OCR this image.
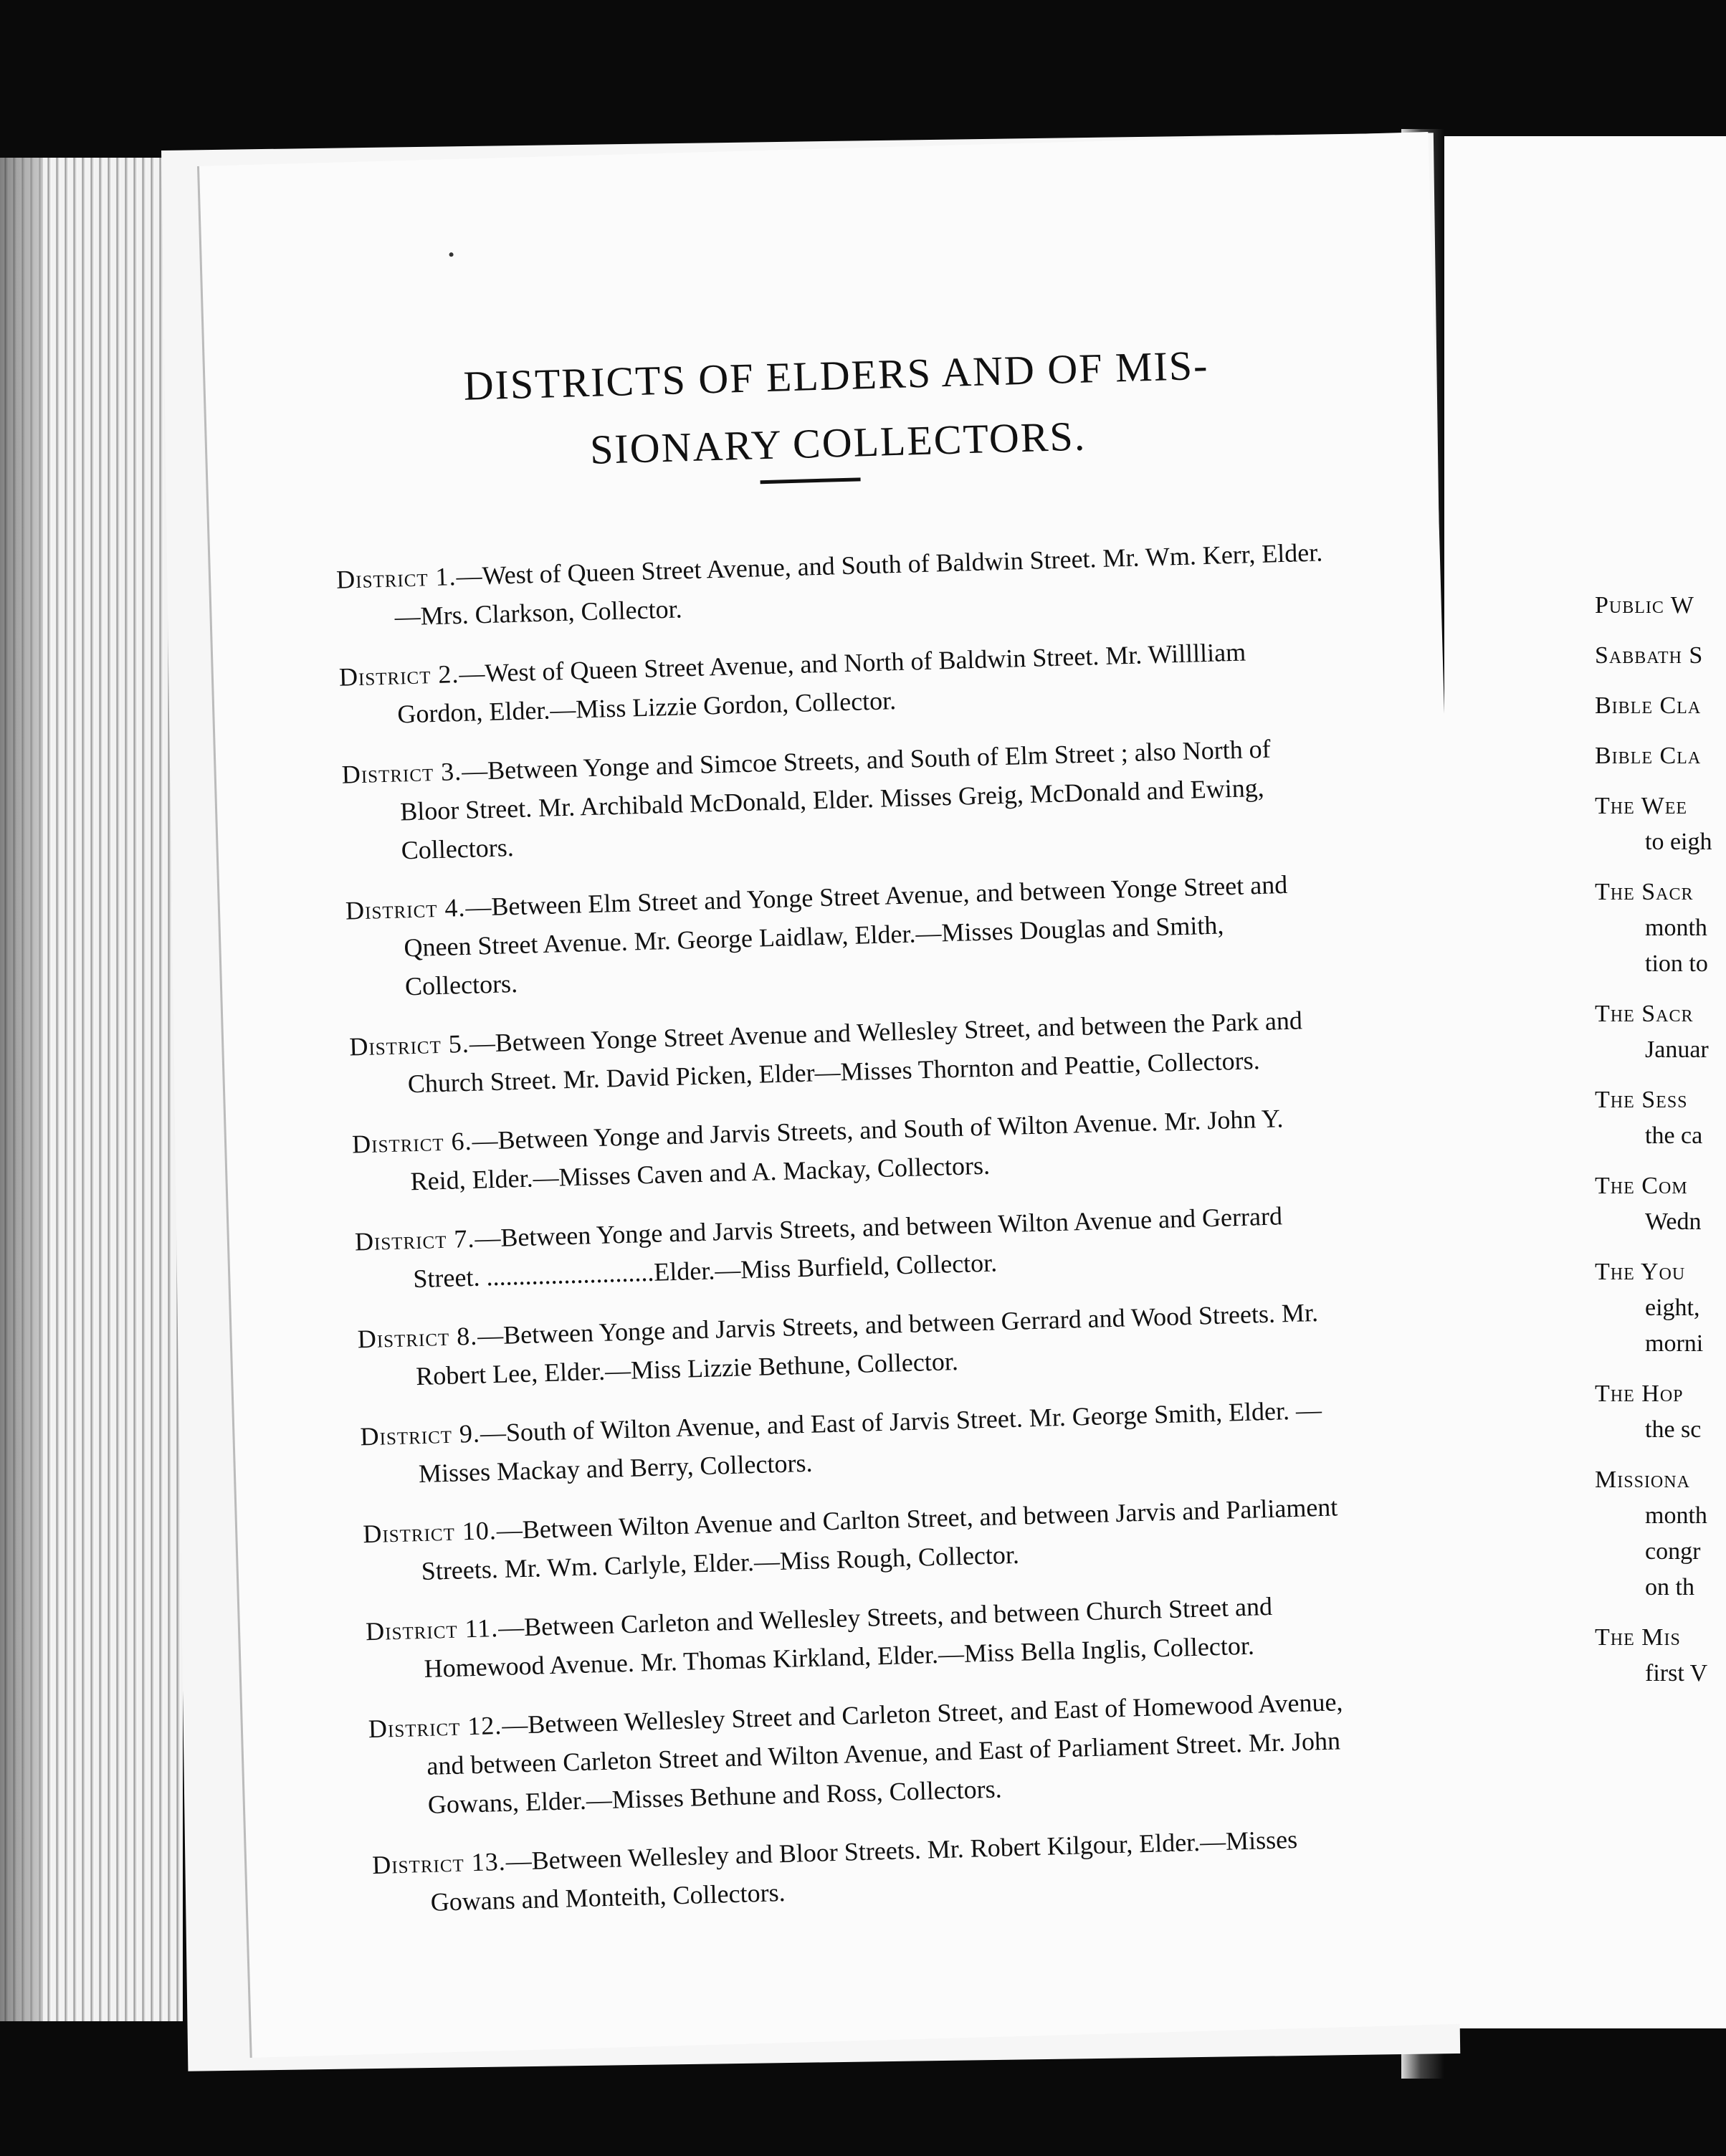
DISTRICTS OF ELDERS AND OF MIS-
SIONARY COLLECTORS.
District 1.—West of Queen Street Avenue, and South of Baldwin Street. Mr. Wm. Kerr, Elder.—Mrs. Clarkson, Collector.
District 2.—West of Queen Street Avenue, and North of Baldwin Street. Mr. Willlliam Gordon, Elder.—Miss Lizzie Gordon, Collector.
District 3.—Between Yonge and Simcoe Streets, and South of Elm Street ; also North of Bloor Street. Mr. Archibald McDonald, Elder. Misses Greig, McDonald and Ewing, Collectors.
District 4.—Between Elm Street and Yonge Street Avenue, and between Yonge Street and Qneen Street Avenue. Mr. George Laidlaw, Elder.—Misses Douglas and Smith, Collectors.
District 5.—Between Yonge Street Avenue and Wellesley Street, and between the Park and Church Street. Mr. David Picken, Elder—Misses Thornton and Peattie, Collectors.
District 6.—Between Yonge and Jarvis Streets, and South of Wilton Avenue. Mr. John Y. Reid, Elder.—Misses Caven and A. Mackay, Collectors.
District 7.—Between Yonge and Jarvis Streets, and between Wilton Avenue and Gerrard Street. ..........................Elder.—Miss Burfield, Collector.
District 8.—Between Yonge and Jarvis Streets, and between Gerrard and Wood Streets. Mr. Robert Lee, Elder.—Miss Lizzie Bethune, Collector.
District 9.—South of Wilton Avenue, and East of Jarvis Street. Mr. George Smith, Elder. —Misses Mackay and Berry, Collectors.
District 10.—Between Wilton Avenue and Carlton Street, and between Jarvis and Parliament Streets. Mr. Wm. Carlyle, Elder.—Miss Rough, Collector.
District 11.—Between Carleton and Wellesley Streets, and between Church Street and Homewood Avenue. Mr. Thomas Kirkland, Elder.—Miss Bella Inglis, Collector.
District 12.—Between Wellesley Street and Carleton Street, and East of Homewood Avenue, and between Carleton Street and Wilton Avenue, and East of Parliament Street. Mr. John Gowans, Elder.—Misses Bethune and Ross, Collectors.
District 13.—Between Wellesley and Bloor Streets. Mr. Robert Kilgour, Elder.—Misses Gowans and Monteith, Collectors.
Public W
Sabbath S
Bible Cla
Bible Cla
The Wee
to eigh
The Sacr
month
tion to
The Sacr
Januar
The Sess
the ca
The Com
Wedn
The You
eight,
morni
The Hop
the sc
Missiona
month
congr
on th
The Mis
first V
